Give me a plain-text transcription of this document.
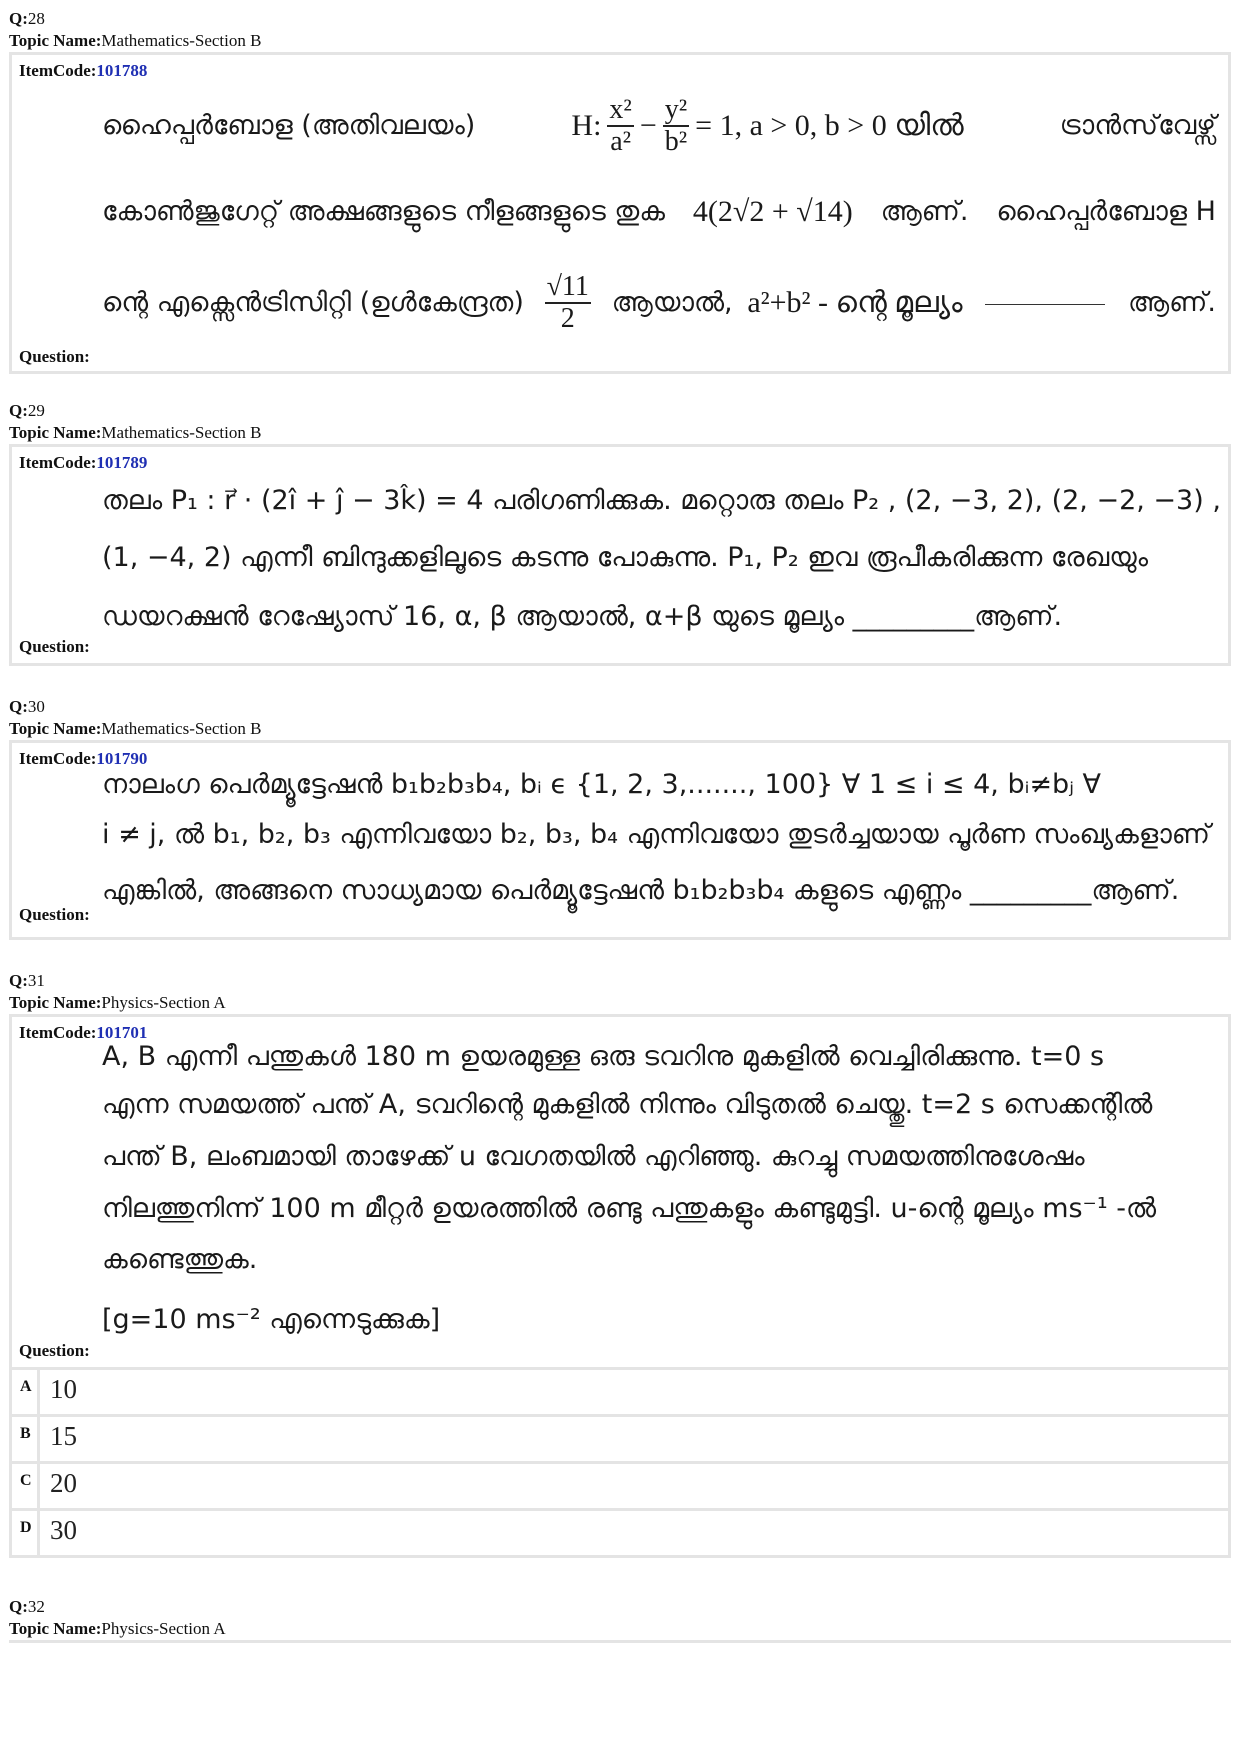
Q:28
Topic Name:Mathematics-Section B
ItemCode:101788
ഹൈപ്പർബോള (അതിവലയം)	H: $\frac{\text{x²}}{\text{a²}} - \frac{\text{y²}}{\text{b²}} = 1$, a > 0, b > 0 യിൽ	ട്രാൻസ്‌വേഴ്സ്
കോൺജുഗേറ്റ് അക്ഷങ്ങളുടെ നീളങ്ങളുടെ തുക 4(2√2 + √14) ആണ്. ഹൈപ്പർബോള H
ന്റെ എക്സെൻട്രിസിറ്റി (ഉൾകേന്ദ്രത) $\frac{√11}{2}$ ആയാൽ, a²+b² - ന്റെ മൂല്യം	ആണ്.
Question:
Q:29
Topic Name:Mathematics-Section B
ItemCode:101789
തലം P₁ : r⃗ · (2î + ĵ − 3k̂) = 4 പരിഗണിക്കുക. മറ്റൊരു തലം P₂ , (2, −3, 2), (2, −2, −3) ,
(1, −4, 2) എന്നീ ബിന്ദുക്കളിലൂടെ കടന്നു പോകുന്നു. P₁, P₂ ഇവ രൂപീകരിക്കുന്ന രേഖയും
ഡയറക്ഷൻ റേഷ്യോസ് 16, α, β ആയാൽ, α+β യുടെ മൂല്യം _________ആണ്.
Question:
Q:30
Topic Name:Mathematics-Section B
ItemCode:101790
നാലംഗ പെർമ്യൂട്ടേഷൻ b₁b₂b₃b₄, bᵢ ϵ {1, 2, 3,......., 100} ∀ 1 ≤ i ≤ 4, bᵢ≠bⱼ ∀
i ≠ j, ൽ b₁, b₂, b₃ എന്നിവയോ b₂, b₃, b₄ എന്നിവയോ തുടർച്ചയായ പൂർണ സംഖ്യകളാണ്
എങ്കിൽ, അങ്ങനെ സാധ്യമായ പെർമ്യൂട്ടേഷൻ b₁b₂b₃b₄ കളുടെ എണ്ണം _________ആണ്.
Question:
Q:31
Topic Name:Physics-Section A
ItemCode:101701
A, B എന്നീ പന്തുകൾ 180 m ഉയരമുള്ള ഒരു ടവറിനു മുകളിൽ വെച്ചിരിക്കുന്നു. t=0 s
എന്ന സമയത്ത് പന്ത് A, ടവറിന്റെ മുകളിൽ നിന്നും വിടുതൽ ചെയ്തു. t=2 s സെക്കന്റിൽ
പന്ത് B, ലംബമായി താഴേക്ക് u വേഗതയിൽ എറിഞ്ഞു. കുറച്ചു സമയത്തിനുശേഷം
നിലത്തുനിന്ന് 100 m മീറ്റർ ഉയരത്തിൽ രണ്ടു പന്തുകളും കണ്ടുമുട്ടി. u-ന്റെ മൂല്യം ms⁻¹ -ൽ
കണ്ടെത്തുക.
[g=10 ms⁻² എന്നെടുക്കുക]
Question:
A 10
B 15
C 20
D 30
Q:32
Topic Name:Physics-Section A
